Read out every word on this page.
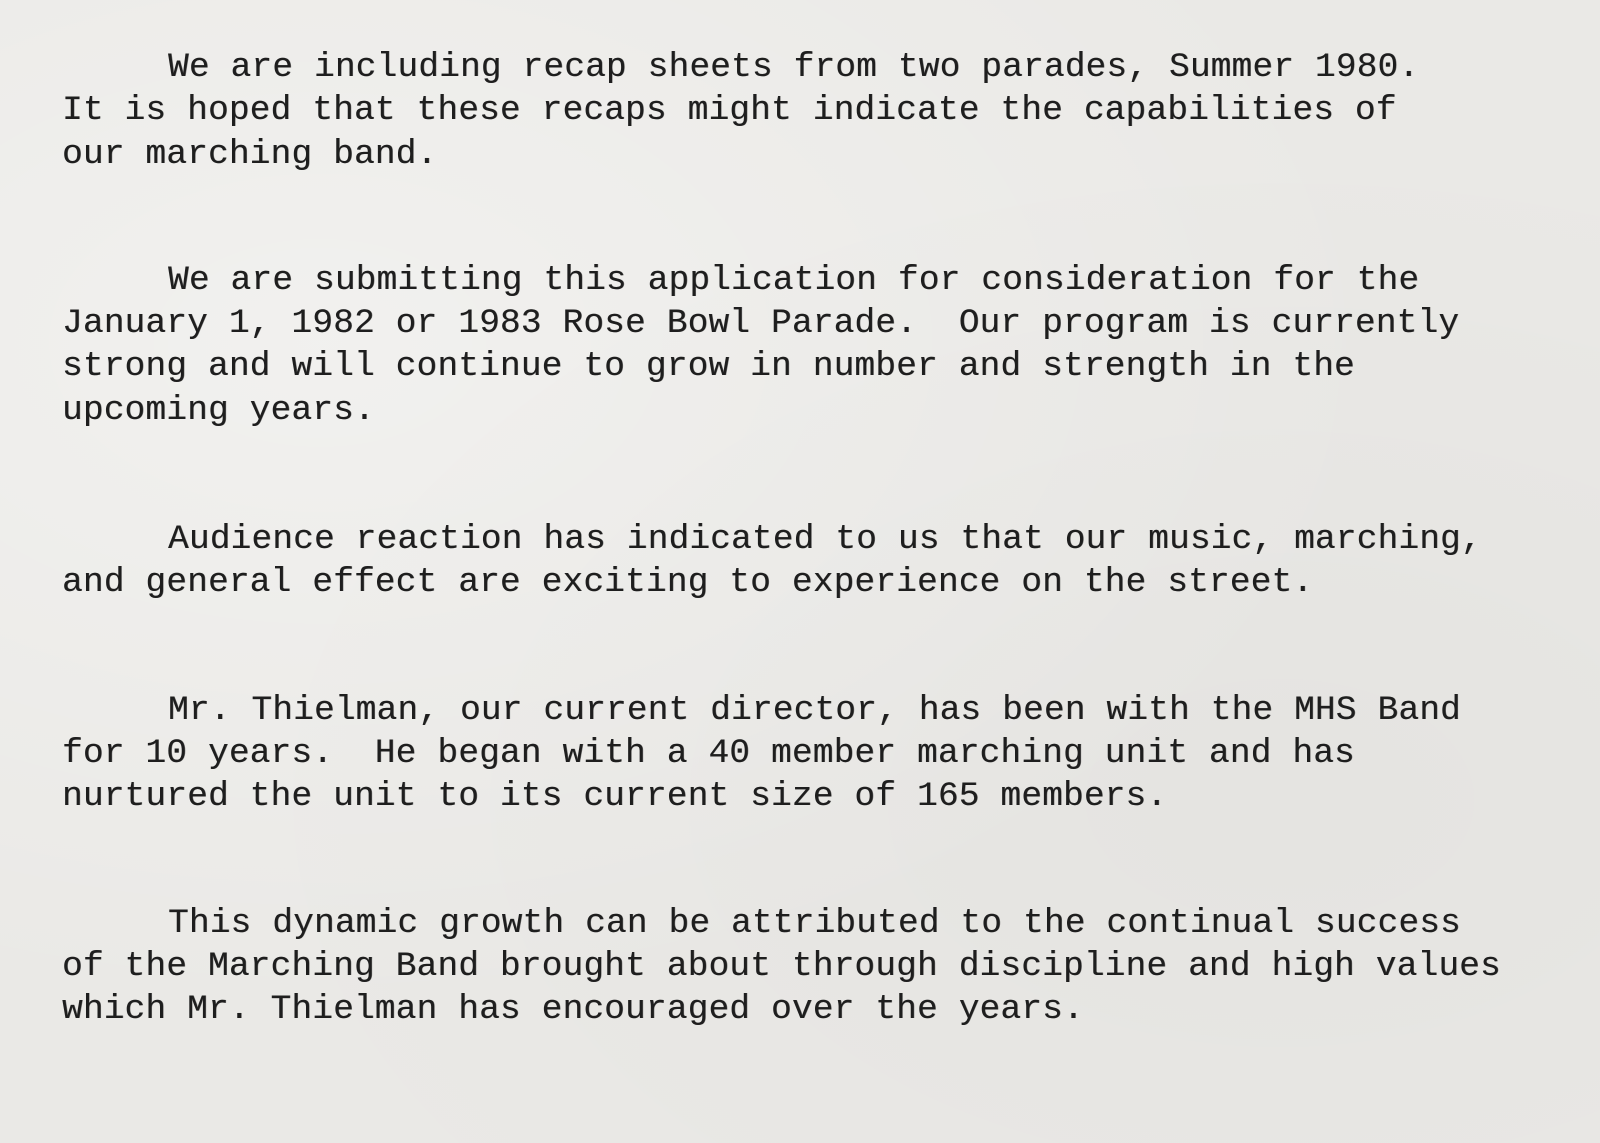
We are including recap sheets from two parades, Summer 1980.
It is hoped that these recaps might indicate the capabilities of
our marching band.
We are submitting this application for consideration for the
January 1, 1982 or 1983 Rose Bowl Parade.  Our program is currently
strong and will continue to grow in number and strength in the
upcoming years.
Audience reaction has indicated to us that our music, marching,
and general effect are exciting to experience on the street.
Mr. Thielman, our current director, has been with the MHS Band
for 10 years.  He began with a 40 member marching unit and has
nurtured the unit to its current size of 165 members.
This dynamic growth can be attributed to the continual success
of the Marching Band brought about through discipline and high values
which Mr. Thielman has encouraged over the years.
